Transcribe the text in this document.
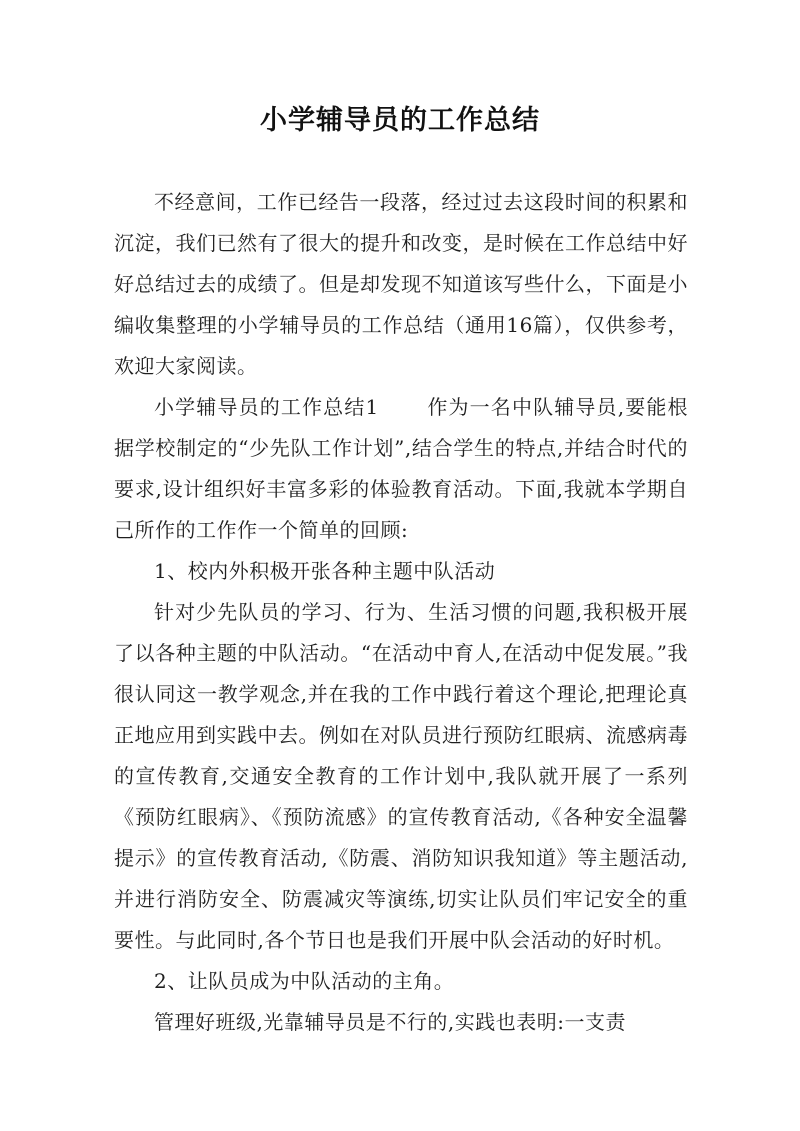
小学辅导员的工作总结

不经意间，工作已经告一段落，经过过去这段时间的积累和沉淀，我们已然有了很大的提升和改变，是时候在工作总结中好好总结过去的成绩了。但是却发现不知道该写些什么，下面是小编收集整理的小学辅导员的工作总结（通用16篇），仅供参考，欢迎大家阅读。

小学辅导员的工作总结1 作为一名中队辅导员,要能根据学校制定的“少先队工作计划”,结合学生的特点,并结合时代的要求,设计组织好丰富多彩的体验教育活动。下面,我就本学期自己所作的工作作一个简单的回顾:

1、校内外积极开张各种主题中队活动

针对少先队员的学习、行为、生活习惯的问题,我积极开展了以各种主题的中队活动。“在活动中育人,在活动中促发展。”我很认同这一教学观念,并在我的工作中践行着这个理论,把理论真正地应用到实践中去。例如在对队员进行预防红眼病、流感病毒的宣传教育,交通安全教育的工作计划中,我队就开展了一系列《预防红眼病》、《预防流感》的宣传教育活动,《各种安全温馨提示》的宣传教育活动,《防震、消防知识我知道》等主题活动,并进行消防安全、防震减灾等演练,切实让队员们牢记安全的重要性。与此同时,各个节日也是我们开展中队会活动的好时机。

2、让队员成为中队活动的主角。

管理好班级,光靠辅导员是不行的,实践也表明:一支责
